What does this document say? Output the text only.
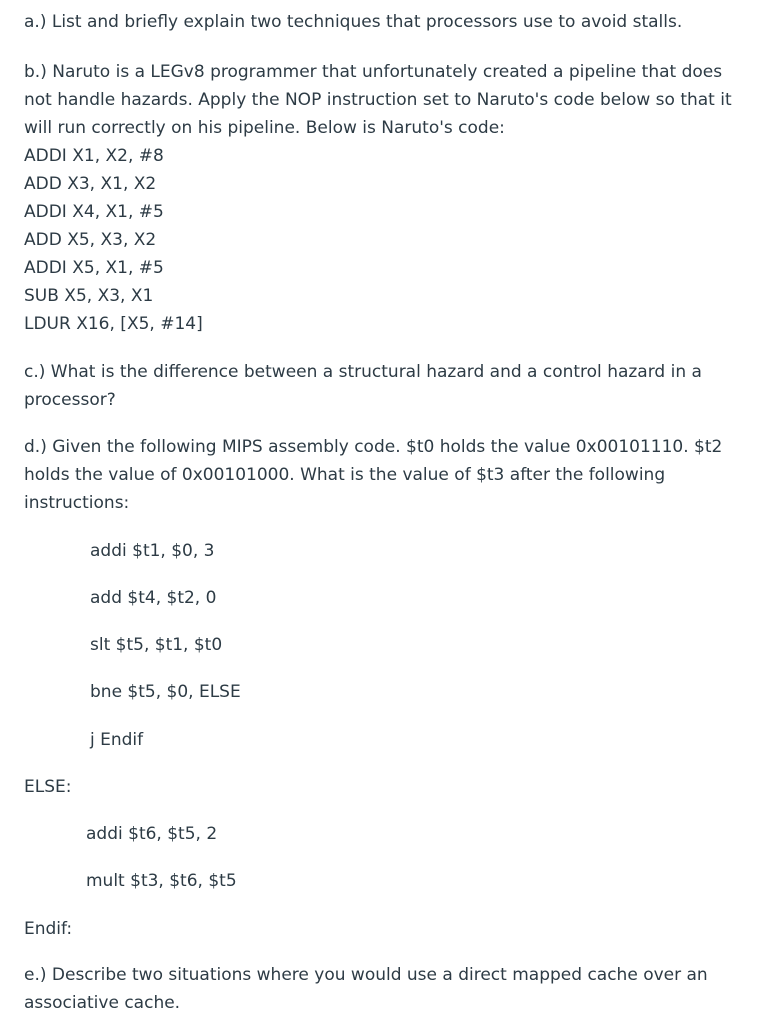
a.) List and briefly explain two techniques that processors use to avoid stalls.
b.) Naruto is a LEGv8 programmer that unfortunately created a pipeline that does
not handle hazards. Apply the NOP instruction set to Naruto's code below so that it
will run correctly on his pipeline. Below is Naruto's code:
ADDI X1, X2, #8
ADD X3, X1, X2
ADDI X4, X1, #5
ADD X5, X3, X2
ADDI X5, X1, #5
SUB X5, X3, X1
LDUR X16, [X5, #14]
c.) What is the difference between a structural hazard and a control hazard in a
processor?
d.) Given the following MIPS assembly code. $t0 holds the value 0x00101110. $t2
holds the value of 0x00101000. What is the value of $t3 after the following
instructions:
addi $t1, $0, 3
add $t4, $t2, 0
slt $t5, $t1, $t0
bne $t5, $0, ELSE
j Endif
ELSE:
addi $t6, $t5, 2
mult $t3, $t6, $t5
Endif:
e.) Describe two situations where you would use a direct mapped cache over an
associative cache.
